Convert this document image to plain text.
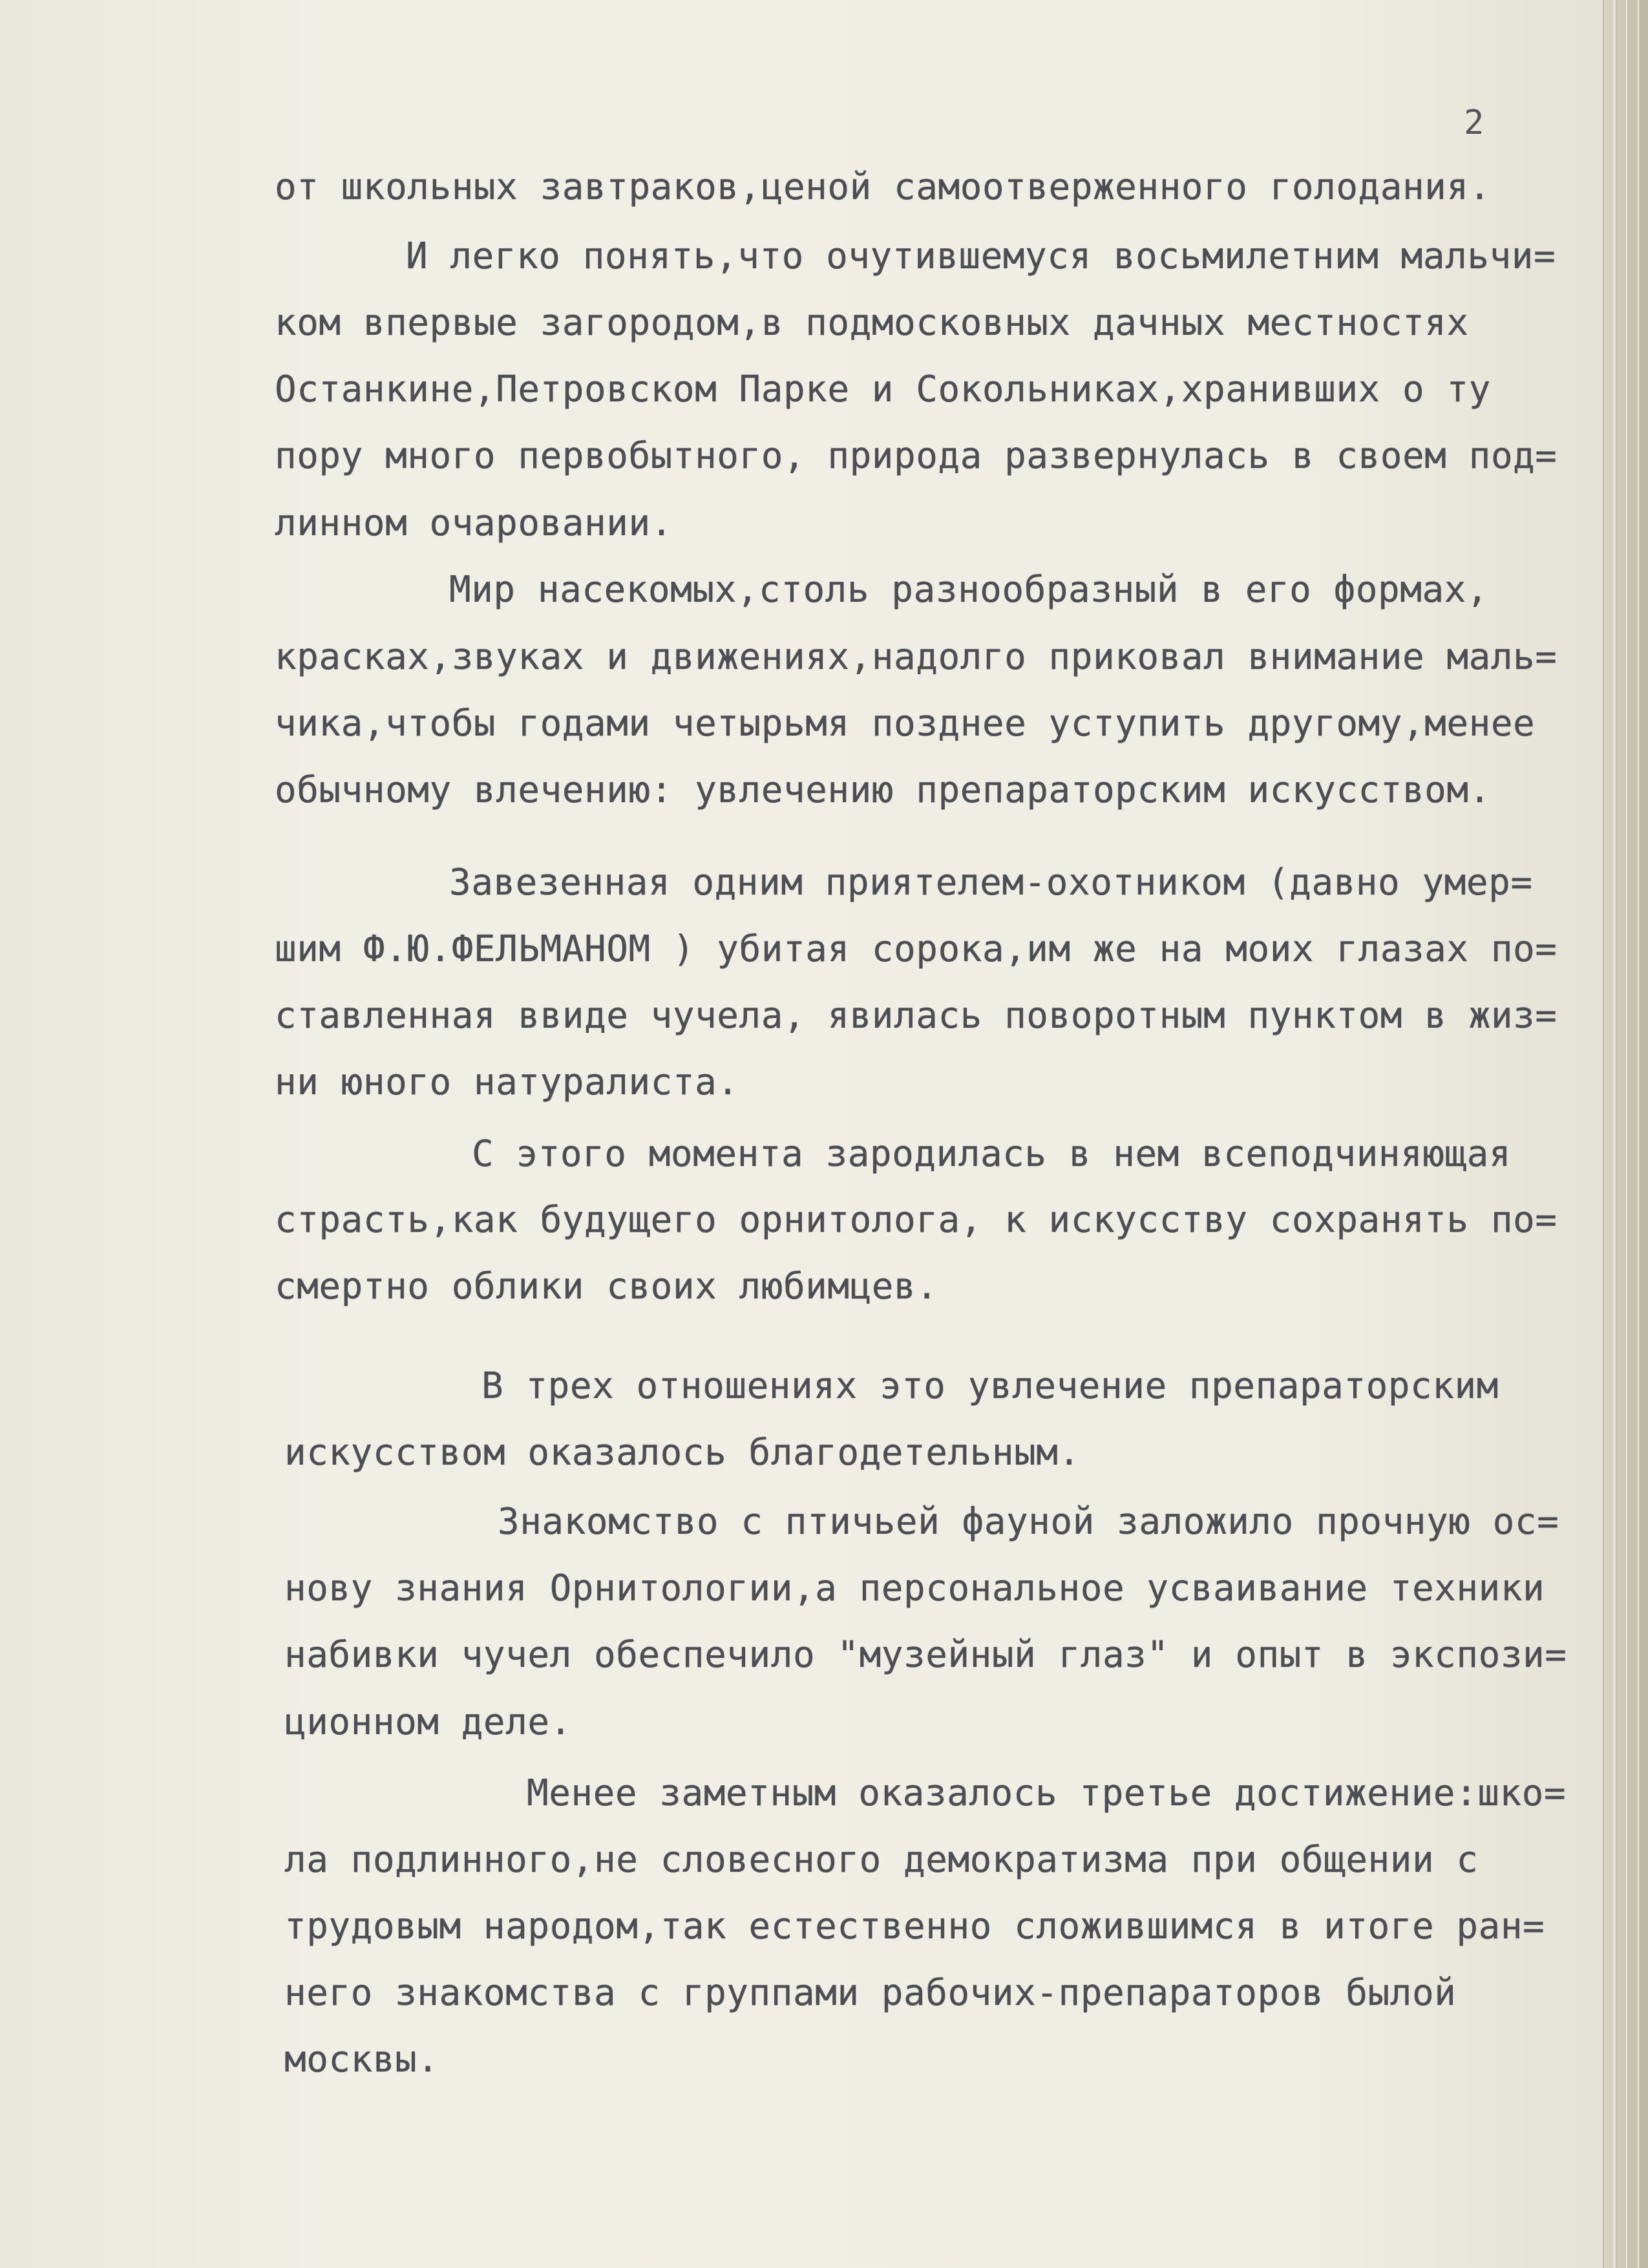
2
от школьных завтраков,ценой самоотверженного голодания.
И легко понять,что очутившемуся восьмилетним мальчи=
ком впервые загородом,в подмосковных дачных местностях
Останкине,Петровском Парке и Сокольниках,хранивших о ту
пору много первобытного, природа развернулась в своем под=
линном очаровании.
Мир насекомых,столь разнообразный в его формах,
красках,звуках и движениях,надолго приковал внимание маль=
чика,чтобы годами четырьмя позднее уступить другому,менее
обычному влечению: увлечению препараторским искусством.
Завезенная одним приятелем-охотником (давно умер=
шим Ф.Ю.ФЕЛЬМАНОМ ) убитая сорока,им же на моих глазах по=
ставленная ввиде чучела, явилась поворотным пунктом в жиз=
ни юного натуралиста.
С этого момента зародилась в нем всеподчиняющая
страсть,как будущего орнитолога, к искусству сохранять по=
смертно облики своих любимцев.
В трех отношениях это увлечение препараторским
искусством оказалось благодетельным.
Знакомство с птичьей фауной заложило прочную ос=
нову знания Орнитологии,а персональное усваивание техники
набивки чучел обеспечило "музейный глаз" и опыт в экспози=
ционном деле.
Менее заметным оказалось третье достижение:шко=
ла подлинного,не словесного демократизма при общении с
трудовым народом,так естественно сложившимся в итоге ран=
него знакомства с группами рабочих-препараторов былой
москвы.
